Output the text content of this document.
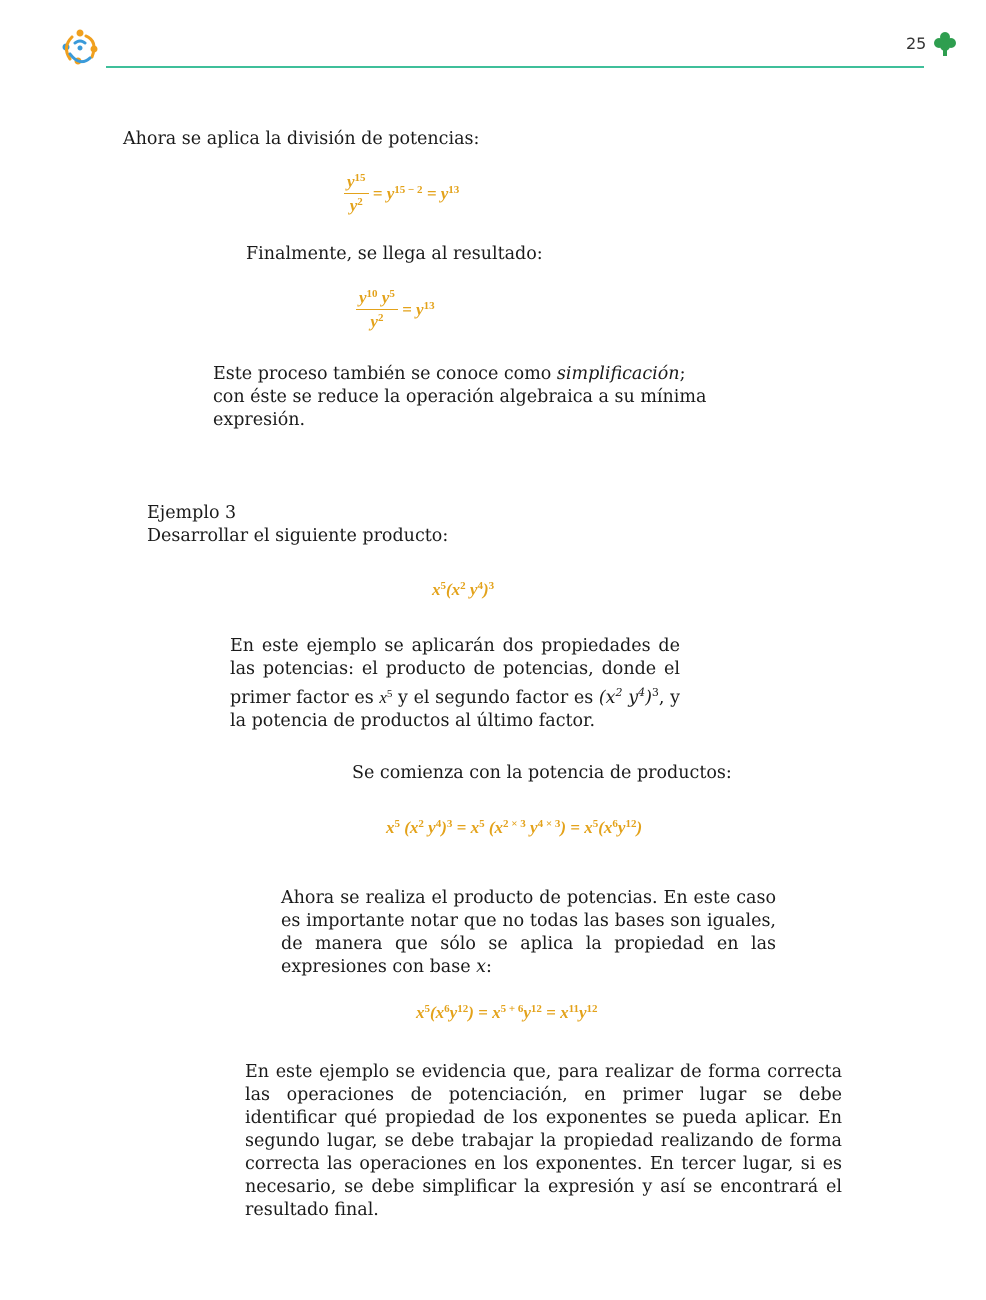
25
Ahora se aplica la división de potencias:
$\frac{y^{15}}{y^2} = y^{15 - 2} = y^{13}$
Finalmente, se llega al resultado:
$\frac{y^{10} y^5}{y^2} = y^{13}$
Este proceso también se conoce como simplificación; con éste se reduce la operación algebraica a su mínima expresión.
Ejemplo 3
Desarrollar el siguiente producto:
$x^5(x^2$ $y^4)^3$
En este ejemplo se aplicarán dos propiedades de las potencias: el producto de potencias, donde el primer factor es $x^5$ y el segundo factor es ($x^2$ $y^4)^3$, y la potencia de productos al último factor.
Se comienza con la potencia de productos:
$x^5$ ($x^2$ $y^4)^3 = x^5$ ($x^{2 \times 3}$ $y^{4 \times 3}) = x^5(x^6y^{12})$
Ahora se realiza el producto de potencias. En este caso es importante notar que no todas las bases son iguales, de manera que sólo se aplica la propiedad en las expresiones con base x:
$x^5(x^6y^{12}) = x^{5 + 6}y^{12} = x^{11}y^{12}$
En este ejemplo se evidencia que, para realizar de forma correcta las operaciones de potenciación, en primer lugar se debe identificar qué propiedad de los exponentes se pueda aplicar. En segundo lugar, se debe trabajar la propiedad realizando de forma correcta las operaciones en los exponentes. En tercer lugar, si es necesario, se debe simplificar la expresión y así se encontrará el resultado final.
